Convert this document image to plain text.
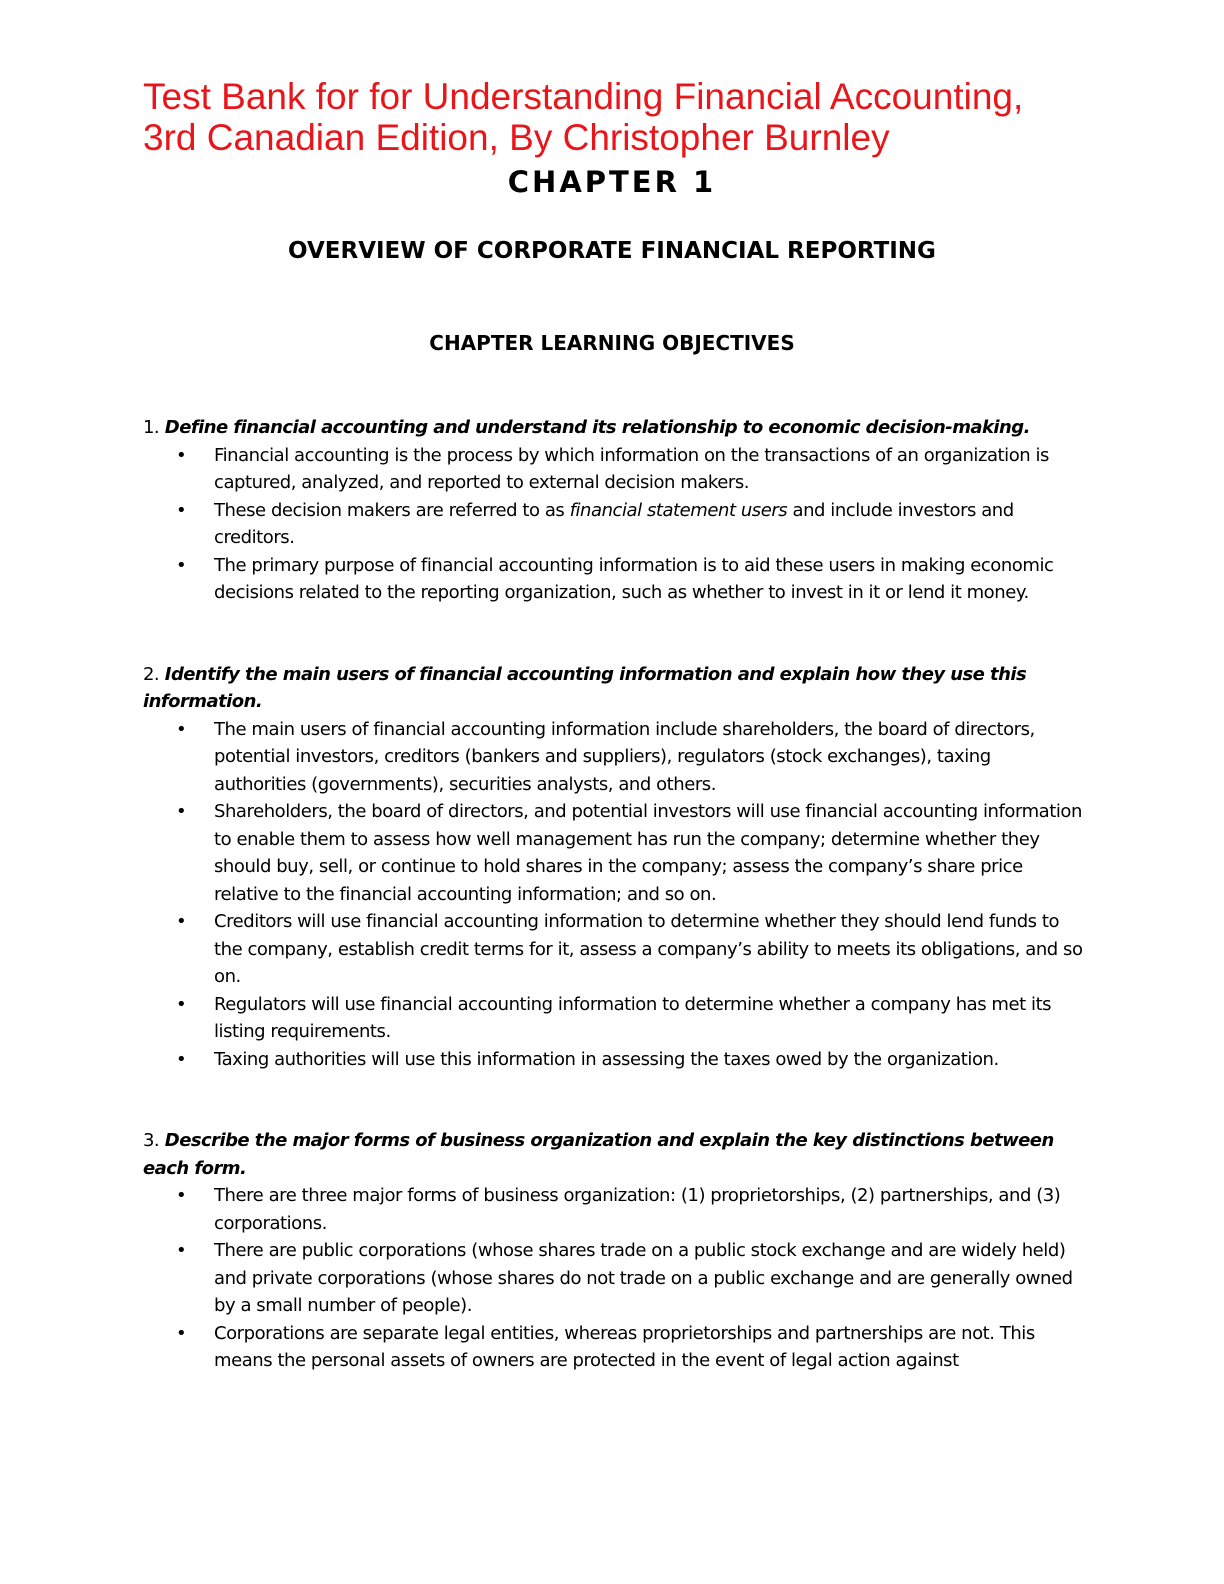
Test Bank for for Understanding Financial Accounting,
3rd Canadian Edition, By Christopher Burnley
CHAPTER 1
OVERVIEW OF CORPORATE FINANCIAL REPORTING
CHAPTER LEARNING OBJECTIVES

1. Define financial accounting and understand its relationship to economic decision-making.

• Financial accounting is the process by which information on the transactions of an organization is captured, analyzed, and reported to external decision makers.
• These decision makers are referred to as financial statement users and include investors and creditors.
• The primary purpose of financial accounting information is to aid these users in making economic decisions related to the reporting organization, such as whether to invest in it or lend it money.

2. Identify the main users of financial accounting information and explain how they use this information.

• The main users of financial accounting information include shareholders, the board of directors, potential investors, creditors (bankers and suppliers), regulators (stock exchanges), taxing authorities (governments), securities analysts, and others.
• Shareholders, the board of directors, and potential investors will use financial accounting information to enable them to assess how well management has run the company; determine whether they should buy, sell, or continue to hold shares in the company; assess the company’s share price relative to the financial accounting information; and so on.
• Creditors will use financial accounting information to determine whether they should lend funds to the company, establish credit terms for it, assess a company’s ability to meets its obligations, and so on.
• Regulators will use financial accounting information to determine whether a company has met its listing requirements.
• Taxing authorities will use this information in assessing the taxes owed by the organization.

3. Describe the major forms of business organization and explain the key distinctions between each form.

• There are three major forms of business organization: (1) proprietorships, (2) partnerships, and (3) corporations.
• There are public corporations (whose shares trade on a public stock exchange and are widely held) and private corporations (whose shares do not trade on a public exchange and are generally owned by a small number of people).
• Corporations are separate legal entities, whereas proprietorships and partnerships are not. This means the personal assets of owners are protected in the event of legal action against
